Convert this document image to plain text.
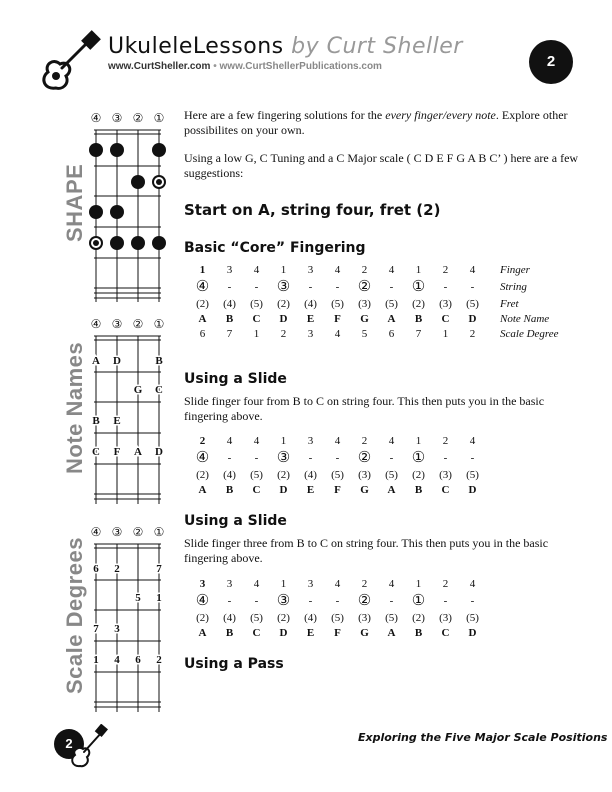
UkuleleLessons by Curt Sheller
www.CurtSheller.com • www.CurtShellerPublications.com	2
④ ③ ② ①
SHAPE
④ ③ ② ①
A D	B
G C
B E
C F A D
Note Names
④ ③ ② ①
6 2	7
5 1
7 3
1 4 6 2
Scale Degrees
Here are a few fingering solutions for the every finger/every note. Explore other possibilites on your own.
Using a low G, C Tuning and a C Major scale ( C D E F G A B C’ ) here are a few suggestions:
Start on A, string four, fret (2)
Basic “Core” Fingering
1	3	4	1	3	4	2	4	1	2	4	Finger
④	-	-	③	-	-	②	-	①	-	-	String
(2)	(4)	(5)	(2)	(4)	(5)	(3)	(5)	(2)	(3)	(5)	Fret
A	B	C	D	E	F	G	A	B	C	D	Note Name
6	7	1	2	3	4	5	6	7	1	2	Scale Degree
Using a Slide
Slide finger four from B to C on string four. This then puts you in the basic fingering above.
2	4	4	1	3	4	2	4	1	2	4
④	-	-	③	-	-	②	-	①	-	-
(2)	(4)	(5)	(2)	(4)	(5)	(3)	(5)	(2)	(3)	(5)
A	B	C	D	E	F	G	A	B	C	D
Using a Slide
Slide finger three from B to C on string four. This then puts you in the basic fingering above.
3	3	4	1	3	4	2	4	1	2	4
④	-	-	③	-	-	②	-	①	-	-
(2)	(4)	(5)	(2)	(4)	(5)	(3)	(5)	(2)	(3)	(5)
A	B	C	D	E	F	G	A	B	C	D
Using a Pass
2	Exploring the Five Major Scale Positions
